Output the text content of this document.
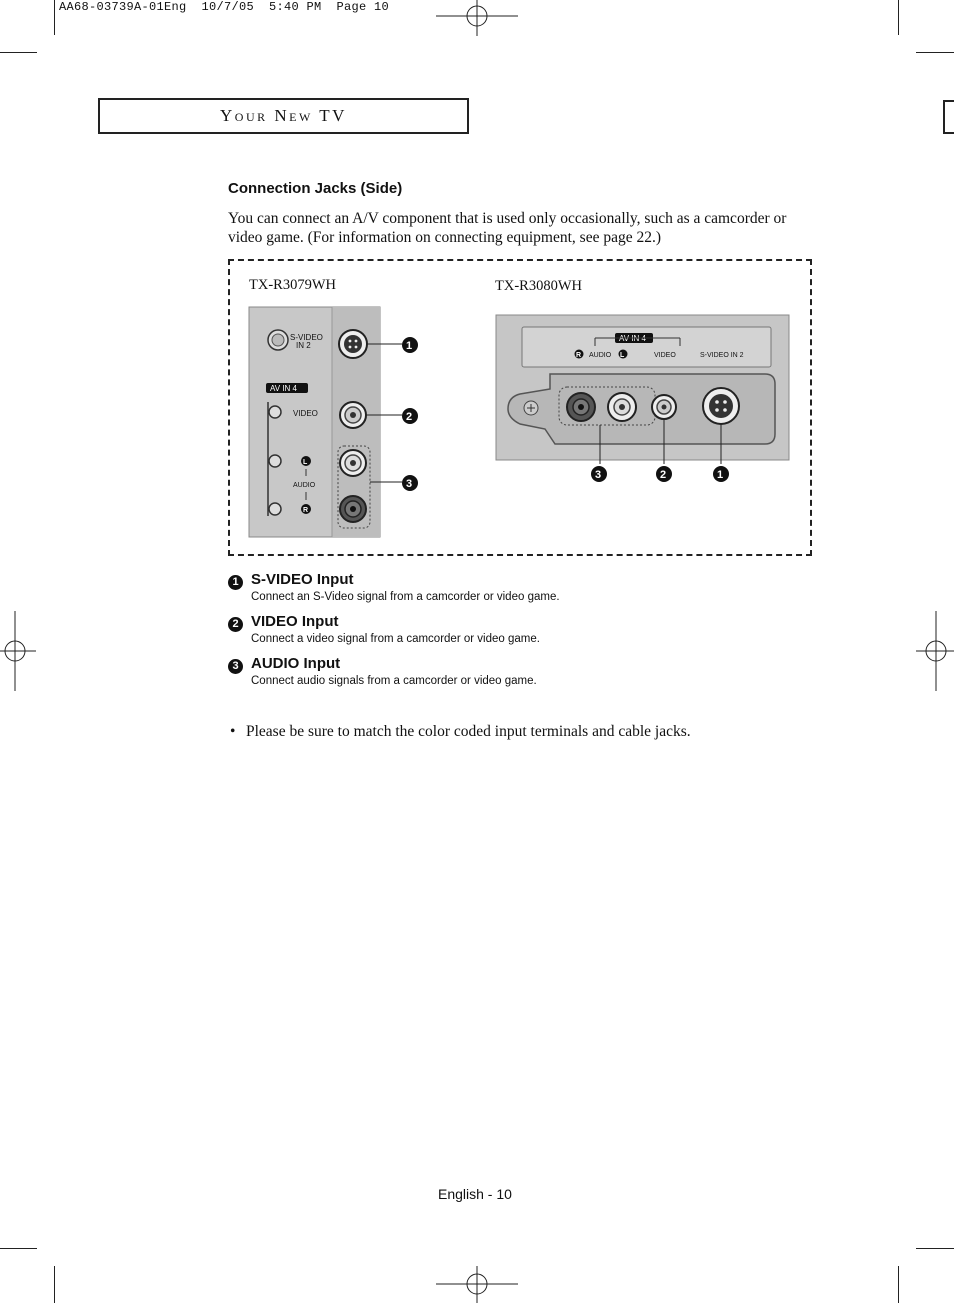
AA68-03739A-01Eng  10/7/05  5:40 PM  Page 10
Your New TV
Connection Jacks (Side)
You can connect an A/V component that is used only occasionally, such as a camcorder or video game. (For information on connecting equipment, see page 22.)
TX-R3079WH	TX-R3080WH
S-VIDEO
IN 2
AV IN 4
VIDEO
L
AUDIO
R
1
2
3
AV IN 4
R AUDIO L	VIDEO	S-VIDEO IN 2
3	2	1
1 S-VIDEO Input
Connect an S-Video signal from a camcorder or video game.
2 VIDEO Input
Connect a video signal from a camcorder or video game.
3 AUDIO Input
Connect audio signals from a camcorder or video game.
• Please be sure to match the color coded input terminals and cable jacks.
English - 10
